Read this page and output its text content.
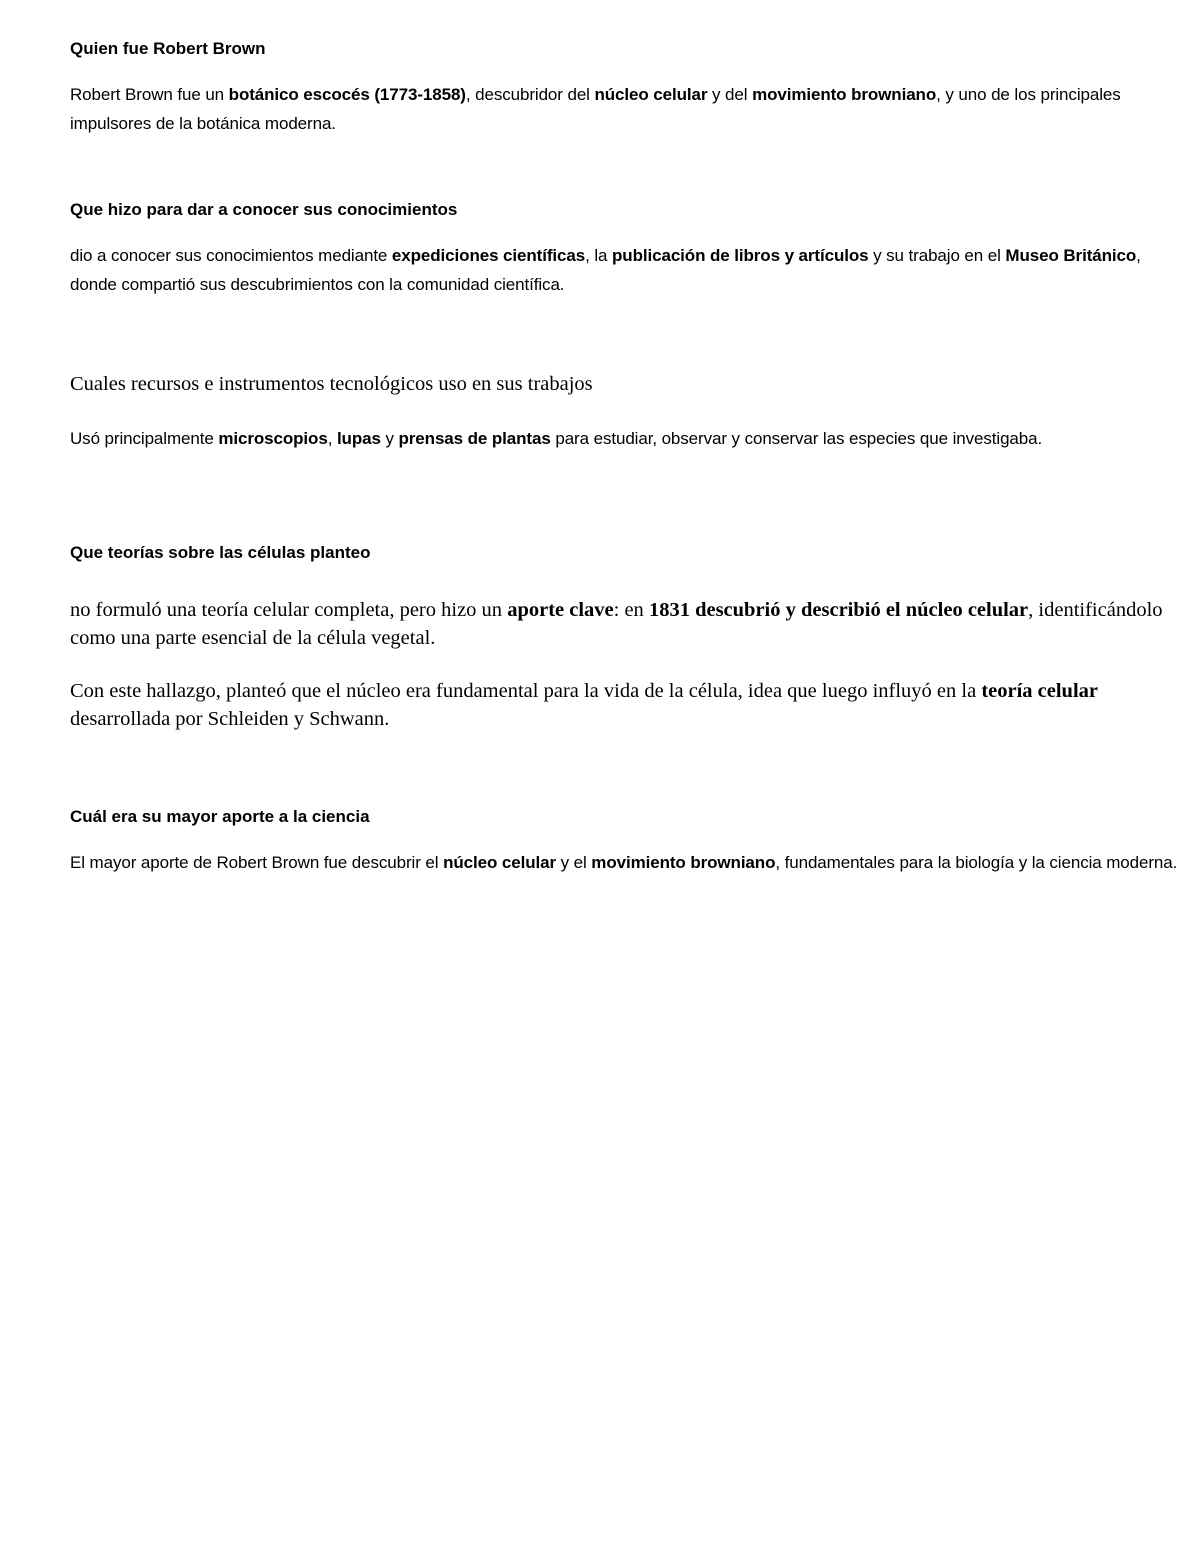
Quien fue Robert Brown

Robert Brown fue un botánico escocés (1773-1858), descubridor del núcleo celular y del movimiento browniano, y uno de los principales impulsores de la botánica moderna.

Que hizo para dar a conocer sus conocimientos

dio a conocer sus conocimientos mediante expediciones científicas, la publicación de libros y artículos y su trabajo en el Museo Británico, donde compartió sus descubrimientos con la comunidad científica.

Cuales recursos e instrumentos tecnológicos uso en sus trabajos

Usó principalmente microscopios, lupas y prensas de plantas para estudiar, observar y conservar las especies que investigaba.

Que teorías sobre las células planteo

no formuló una teoría celular completa, pero hizo un aporte clave: en 1831 descubrió y describió el núcleo celular, identificándolo como una parte esencial de la célula vegetal.

Con este hallazgo, planteó que el núcleo era fundamental para la vida de la célula, idea que luego influyó en la teoría celular desarrollada por Schleiden y Schwann.

Cuál era su mayor aporte a la ciencia

El mayor aporte de Robert Brown fue descubrir el núcleo celular y el movimiento browniano, fundamentales para la biología y la ciencia moderna.
